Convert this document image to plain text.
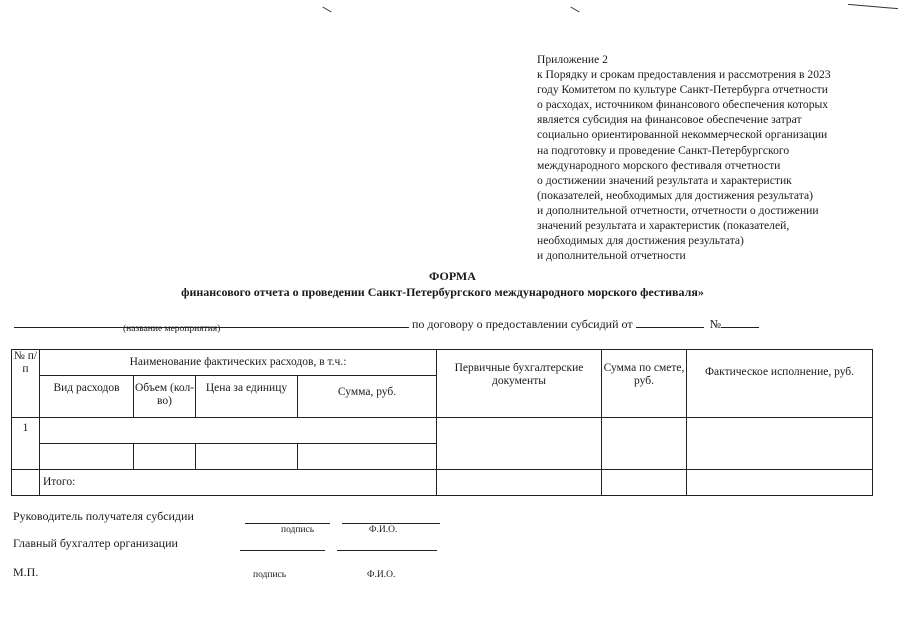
Приложение 2
к Порядку и срокам предоставления и рассмотрения в 2023
году Комитетом по культуре Санкт-Петербурга отчетности
о расходах, источником финансового обеспечения которых
является субсидия на финансовое обеспечение затрат
социально ориентированной некоммерческой организации
на подготовку и проведение Санкт-Петербургского
международного морского фестиваля отчетности
о достижении значений результата и характеристик
(показателей, необходимых для достижения результата)
и дополнительной отчетности, отчетности о достижении
значений результата и характеристик (показателей,
необходимых для достижения результата)
и дополнительной отчетности
ФОРМА
финансового отчета о проведении Санкт-Петербургского международного морского фестиваля»
по договору о предоставлении субсидий от	№
(название мероприятия)
№ п/п	Наименование фактических расходов, в т.ч.:				Первичные бухгалтерские документы	Сумма по смете, руб.	Фактическое исполнение, руб.
	Вид расходов	Объем (кол-во)	Цена за единицу	Сумма, руб.			
1							

	Итого:						
Руководитель получателя субсидии
подпись	Ф.И.О.
Главный бухгалтер организации
М.П.	подпись	Ф.И.О.
